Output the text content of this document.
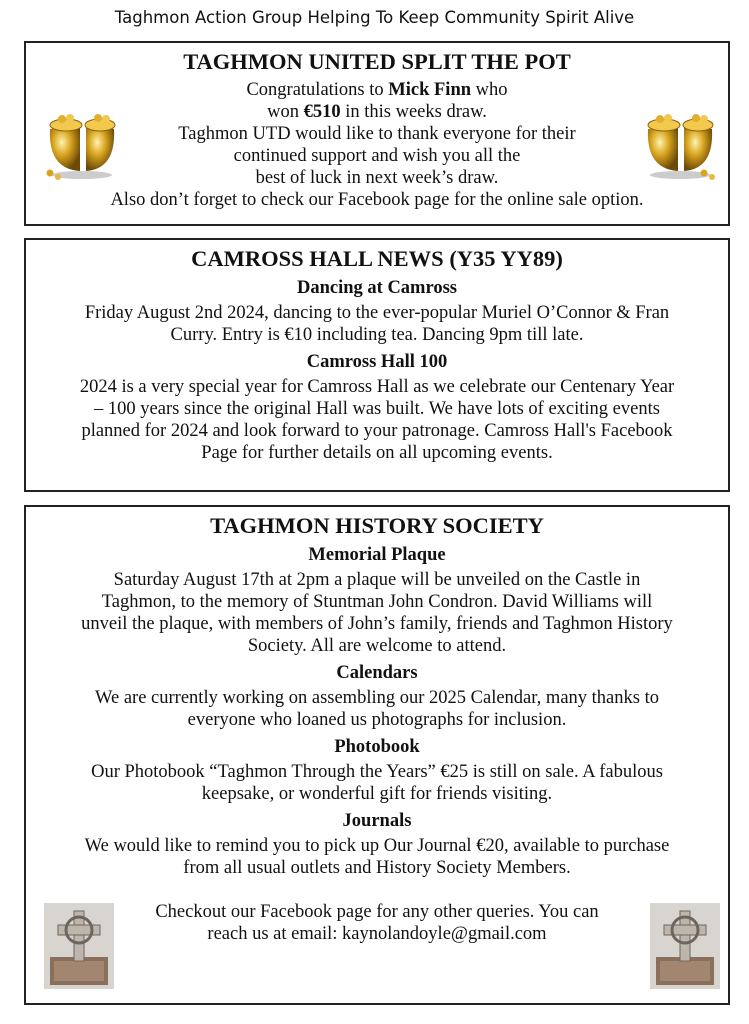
Taghmon Action Group Helping To Keep Community Spirit Alive
TAGHMON UNITED SPLIT THE POT
Congratulations to Mick Finn who
won €510 in this weeks draw.
Taghmon UTD would like to thank everyone for their
continued support and wish you all the
best of luck in next week’s draw.
Also don’t forget to check our Facebook page for the online sale option.
CAMROSS HALL NEWS (Y35 YY89)
Dancing at Camross
Friday August 2nd 2024, dancing to the ever-popular Muriel O’Connor & Fran
Curry. Entry is €10 including tea. Dancing 9pm till late.
Camross Hall 100
2024 is a very special year for Camross Hall as we celebrate our Centenary Year
– 100 years since the original Hall was built. We have lots of exciting events
planned for 2024 and look forward to your patronage. Camross Hall's Facebook
Page for further details on all upcoming events.
TAGHMON HISTORY SOCIETY
Memorial Plaque
Saturday August 17th at 2pm a plaque will be unveiled on the Castle in
Taghmon, to the memory of Stuntman John Condron. David Williams will
unveil the plaque, with members of John’s family, friends and Taghmon History
Society. All are welcome to attend.
Calendars
We are currently working on assembling our 2025 Calendar, many thanks to
everyone who loaned us photographs for inclusion.
Photobook
Our Photobook “Taghmon Through the Years” €25 is still on sale. A fabulous
keepsake, or wonderful gift for friends visiting.
Journals
We would like to remind you to pick up Our Journal €20, available to purchase
from all usual outlets and History Society Members.
Checkout our Facebook page for any other queries. You can
reach us at email: kaynolandoyle@gmail.com
